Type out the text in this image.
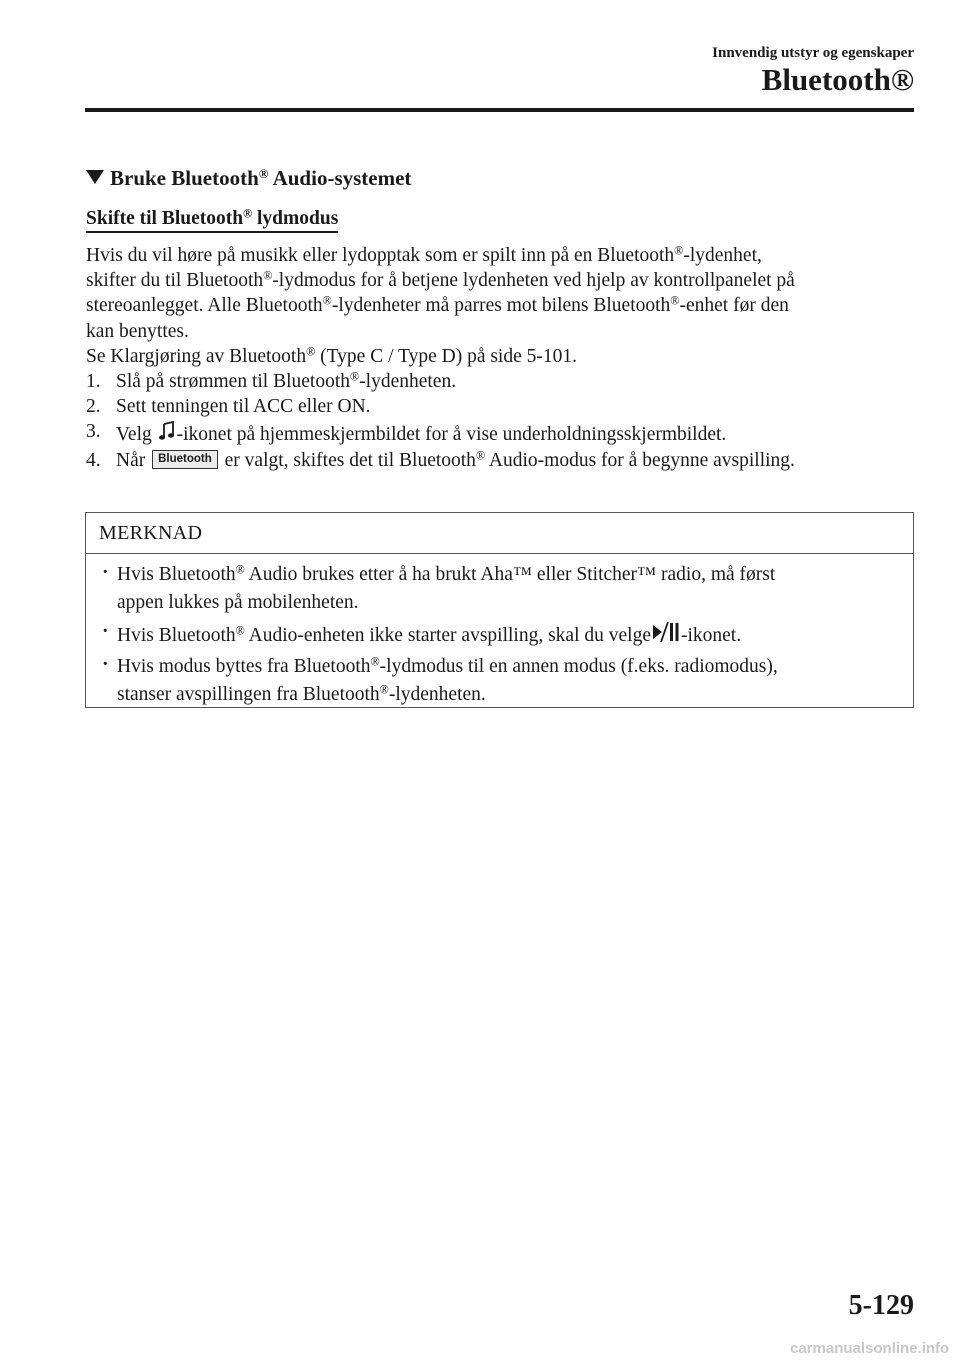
Innvendig utstyr og egenskaper
Bluetooth®
Bruke Bluetooth® Audio-systemet
Skifte til Bluetooth® lydmodus

Hvis du vil høre på musikk eller lydopptak som er spilt inn på en Bluetooth®-lydenhet,
skifter du til Bluetooth®-lydmodus for å betjene lydenheten ved hjelp av kontrollpanelet på
stereoanlegget. Alle Bluetooth®-lydenheter må parres mot bilens Bluetooth®-enhet før den
kan benyttes.

Se Klargjøring av Bluetooth® (Type C / Type D) på side 5-101.

1. Slå på strømmen til Bluetooth®-lydenheten.
2. Sett tenningen til ACC eller ON.
3. Velg -ikonet på hjemmeskjermbildet for å vise underholdningsskjermbildet.
4. Når Bluetooth er valgt, skiftes det til Bluetooth® Audio-modus for å begynne avspilling.
MERKNAD
· Hvis Bluetooth® Audio brukes etter å ha brukt Aha™ eller Stitcher™ radio, må først
appen lukkes på mobilenheten.
· Hvis Bluetooth® Audio-enheten ikke starter avspilling, skal du velge -ikonet.
· Hvis modus byttes fra Bluetooth®-lydmodus til en annen modus (f.eks. radiomodus),
stanser avspillingen fra Bluetooth®-lydenheten.
5-129
carmanualsonline.info
